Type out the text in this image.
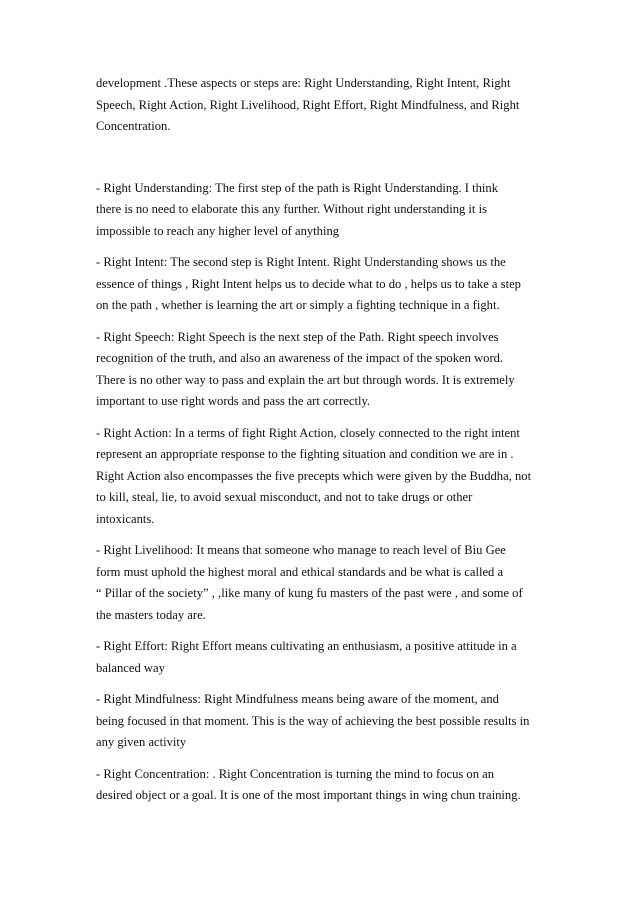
development .These aspects or steps are: Right Understanding, Right Intent, Right
Speech, Right Action, Right Livelihood, Right Effort, Right Mindfulness, and Right
Concentration.

- Right Understanding: The first step of the path is Right Understanding. I think
there is no need to elaborate this any further. Without right understanding it is
impossible to reach any higher level of anything

- Right Intent: The second step is Right Intent. Right Understanding shows us the
essence of things , Right Intent helps us to decide what to do , helps us to take a step
on the path , whether is learning the art or simply a fighting technique in a fight.

- Right Speech: Right Speech is the next step of the Path. Right speech involves
recognition of the truth, and also an awareness of the impact of the spoken word.
There is no other way to pass and explain the art but through words. It is extremely
important to use right words and pass the art correctly.

- Right Action: In a terms of fight Right Action, closely connected to the right intent
represent an appropriate response to the fighting situation and condition we are in .
Right Action also encompasses the five precepts which were given by the Buddha, not
to kill, steal, lie, to avoid sexual misconduct, and not to take drugs or other
intoxicants.

- Right Livelihood: It means that someone who manage to reach level of Biu Gee
form must uphold the highest moral and ethical standards and be what is called a
“ Pillar of the society” , ,like many of kung fu masters of the past were , and some of
the masters today are.

- Right Effort: Right Effort means cultivating an enthusiasm, a positive attitude in a
balanced way

- Right Mindfulness: Right Mindfulness means being aware of the moment, and
being focused in that moment. This is the way of achieving the best possible results in
any given activity

- Right Concentration: . Right Concentration is turning the mind to focus on an
desired object or a goal. It is one of the most important things in wing chun training.
